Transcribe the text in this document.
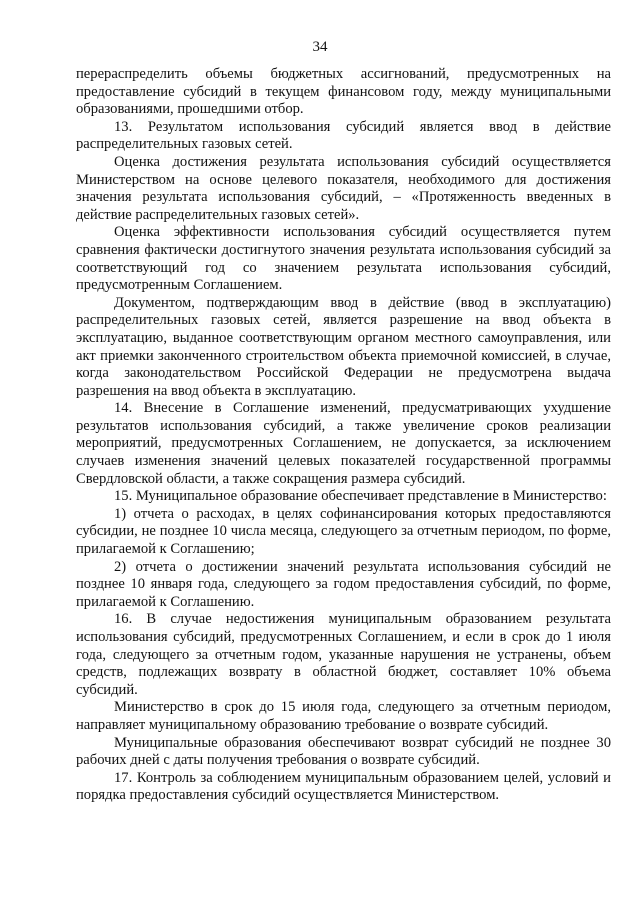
34

перераспределить объемы бюджетных ассигнований, предусмотренных на предоставление субсидий в текущем финансовом году, между муниципальными образованиями, прошедшими отбор.

13. Результатом использования субсидий является ввод в действие распределительных газовых сетей.

Оценка достижения результата использования субсидий осуществляется Министерством на основе целевого показателя, необходимого для достижения значения результата использования субсидий, – «Протяженность введенных в действие распределительных газовых сетей».

Оценка эффективности использования субсидий осуществляется путем сравнения фактически достигнутого значения результата использования субсидий за соответствующий год со значением результата использования субсидий, предусмотренным Соглашением.

Документом, подтверждающим ввод в действие (ввод в эксплуатацию) распределительных газовых сетей, является разрешение на ввод объекта в эксплуатацию, выданное соответствующим органом местного самоуправления, или акт приемки законченного строительством объекта приемочной комиссией, в случае, когда законодательством Российской Федерации не предусмотрена выдача разрешения на ввод объекта в эксплуатацию.

14. Внесение в Соглашение изменений, предусматривающих ухудшение результатов использования субсидий, а также увеличение сроков реализации мероприятий, предусмотренных Соглашением, не допускается, за исключением случаев изменения значений целевых показателей государственной программы Свердловской области, а также сокращения размера субсидий.

15. Муниципальное образование обеспечивает представление в Министерство:

1) отчета о расходах, в целях софинансирования которых предоставляются субсидии, не позднее 10 числа месяца, следующего за отчетным периодом, по форме, прилагаемой к Соглашению;

2) отчета о достижении значений результата использования субсидий не позднее 10 января года, следующего за годом предоставления субсидий, по форме, прилагаемой к Соглашению.

16. В случае недостижения муниципальным образованием результата использования субсидий, предусмотренных Соглашением, и если в срок до 1 июля года, следующего за отчетным годом, указанные нарушения не устранены, объем средств, подлежащих возврату в областной бюджет, составляет 10% объема субсидий.

Министерство в срок до 15 июля года, следующего за отчетным периодом, направляет муниципальному образованию требование о возврате субсидий.

Муниципальные образования обеспечивают возврат субсидий не позднее 30 рабочих дней с даты получения требования о возврате субсидий.

17. Контроль за соблюдением муниципальным образованием целей, условий и порядка предоставления субсидий осуществляется Министерством.
